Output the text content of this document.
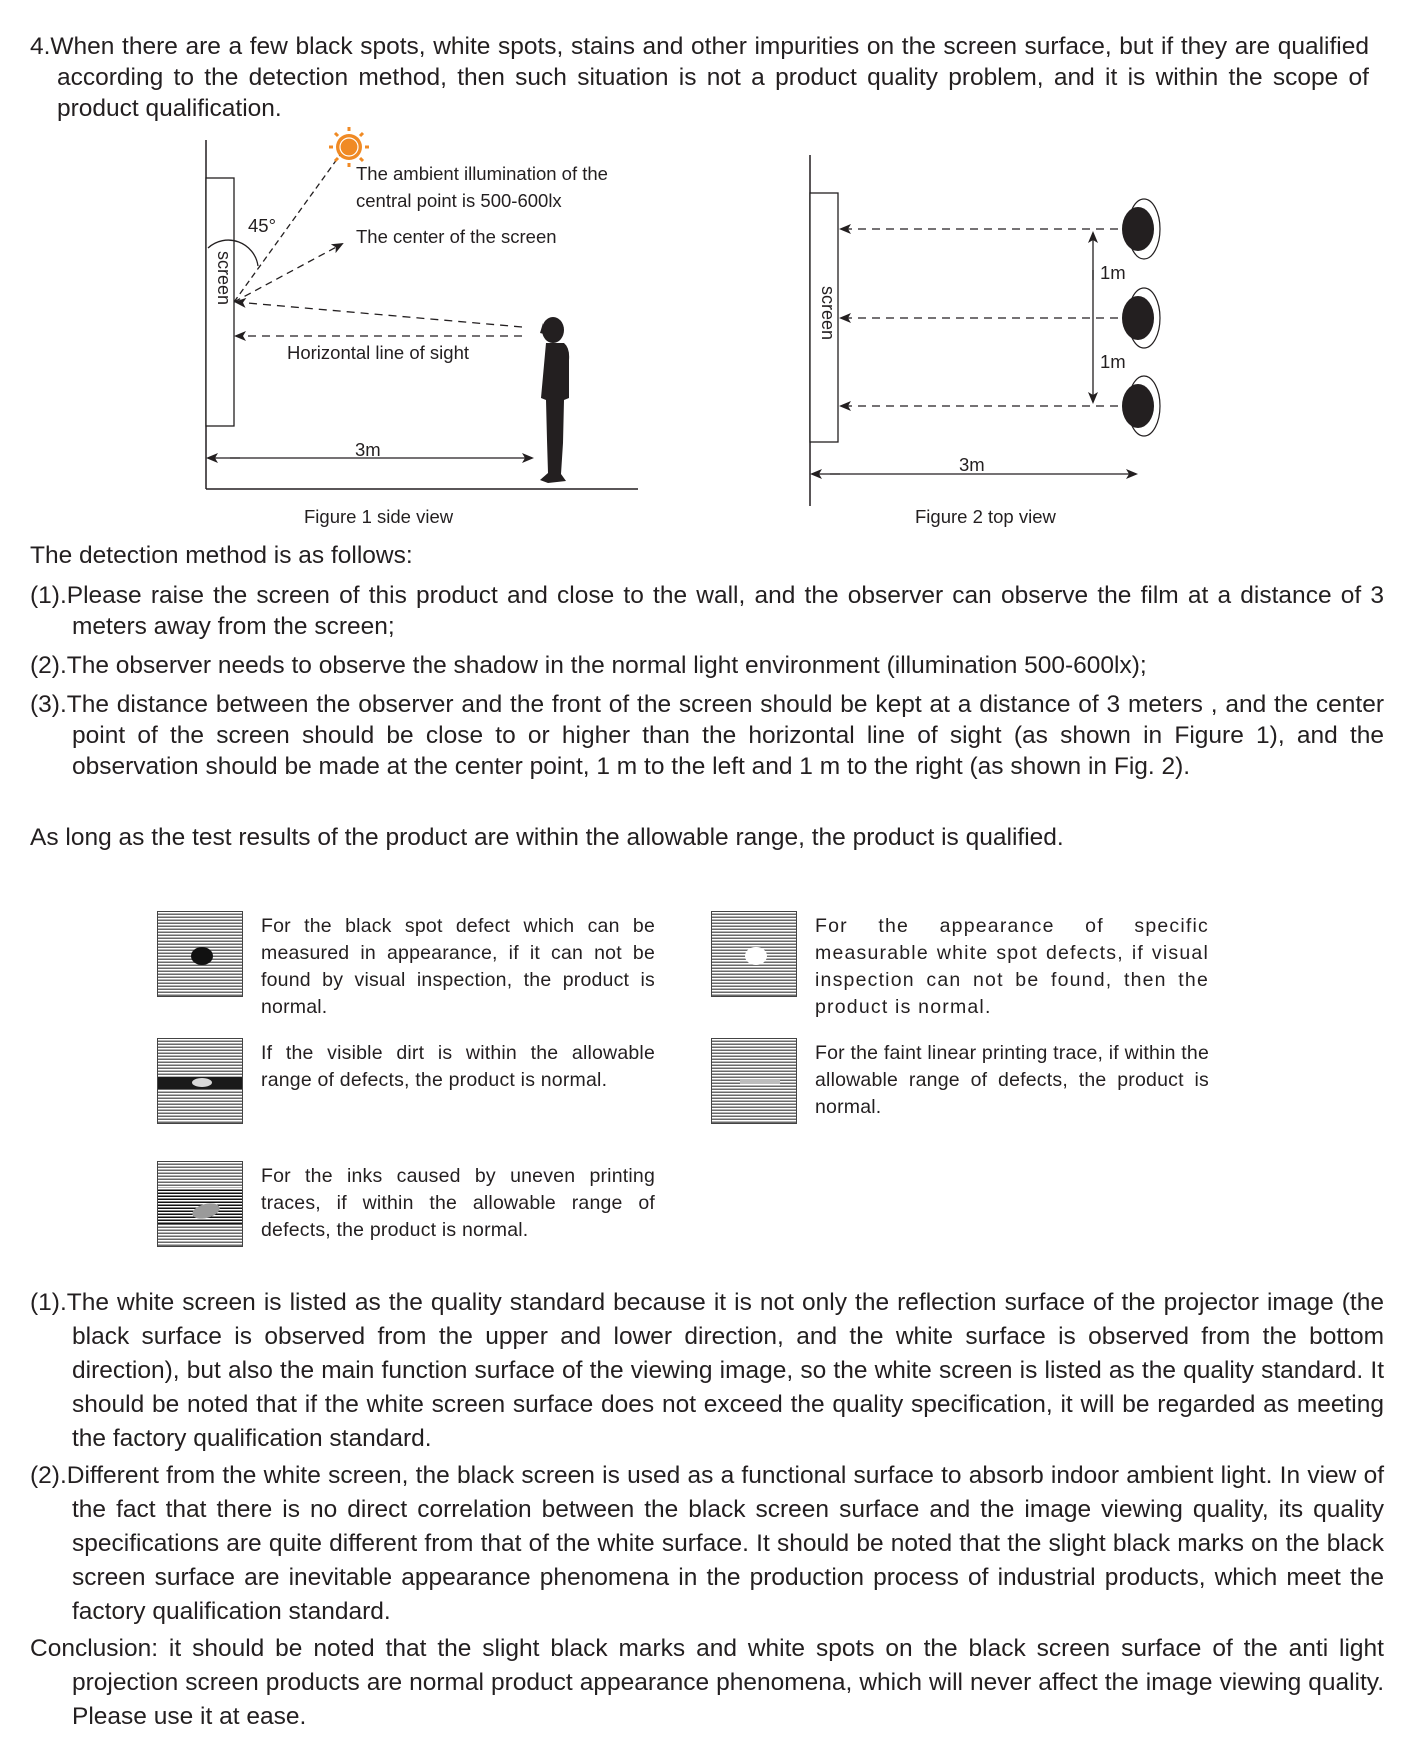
4.When there are a few black spots, white spots, stains and other impurities on the screen surface, but if they are qualified according to the detection method, then such situation is not a product quality problem, and it is within the scope of product qualification.
screen
45°
The ambient illumination of the
central point is 500-600lx
The center of the screen
Horizontal line of sight
3m
Figure 1 side view
screen
1m
1m
3m
Figure 2 top view
The detection method is as follows:
(1).Please raise the screen of this product and close to the wall, and the observer can observe the film at a distance of 3 meters away from the screen;
(2).The observer needs to observe the shadow in the normal light environment (illumination 500-600lx);
(3).The distance between the observer and the front of the screen should be kept at a distance of 3 meters , and the center point of the screen should be close to or higher than the horizontal line of sight (as shown in Figure 1), and the observation should be made at the center point, 1 m to the left and 1 m to the right (as shown in Fig. 2).
As long as the test results of the product are within the allowable range, the product is qualified.
For the black spot defect which can be measured in appearance, if it can not be found by visual inspection, the product is normal.
For the appearance of specific measurable white spot defects, if visual inspection can not be found, then the product is normal.
If the visible dirt is within the allowable range of defects, the product is normal.
For the faint linear printing trace, if within the allowable range of defects, the product is normal.
For the inks caused by uneven printing traces, if within the allowable range of defects, the product is normal.
(1).The white screen is listed as the quality standard because it is not only the reflection surface of the projector image (the black surface is observed from the upper and lower direction, and the white surface is observed from the bottom direction), but also the main function surface of the viewing image, so the white screen is listed as the quality standard. It should be noted that if the white screen surface does not exceed the quality specification, it will be regarded as meeting the factory qualification standard.
(2).Different from the white screen, the black screen is used as a functional surface to absorb indoor ambient light. In view of the fact that there is no direct correlation between the black screen surface and the image viewing quality, its quality specifications are quite different from that of the white surface. It should be noted that the slight black marks on the black screen surface are inevitable appearance phenomena in the production process of industrial products, which meet the factory qualification standard.
Conclusion: it should be noted that the slight black marks and white spots on the black screen surface of the anti light projection screen products are normal product appearance phenomena, which will never affect the image viewing quality. Please use it at ease.
